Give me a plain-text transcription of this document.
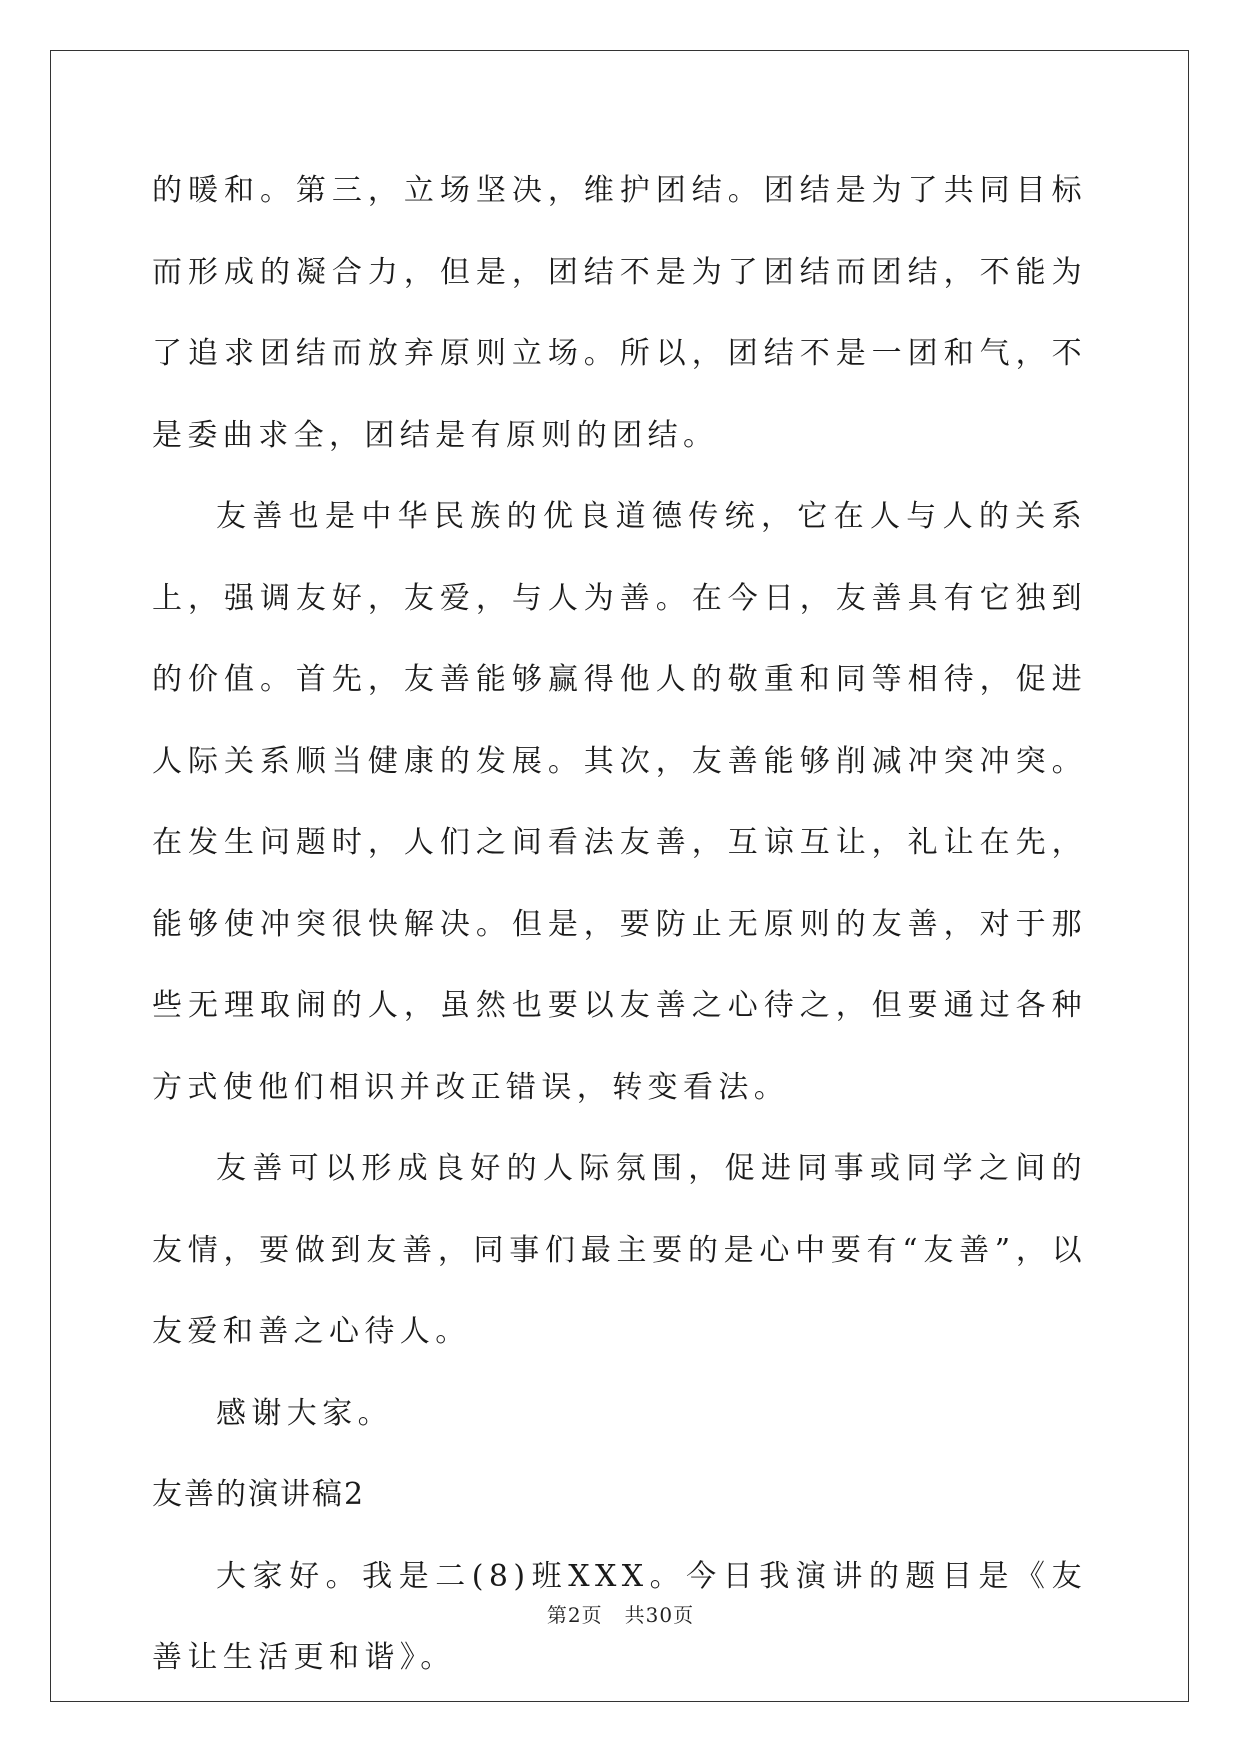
的暖和。第三，立场坚决，维护团结。团结是为了共同目标而形成的凝合力，但是，团结不是为了团结而团结，不能为了追求团结而放弃原则立场。所以，团结不是一团和气，不是委曲求全，团结是有原则的团结。

友善也是中华民族的优良道德传统，它在人与人的关系上，强调友好，友爱，与人为善。在今日，友善具有它独到的价值。首先，友善能够赢得他人的敬重和同等相待，促进人际关系顺当健康的发展。其次，友善能够削减冲突冲突。在发生问题时，人们之间看法友善，互谅互让，礼让在先，能够使冲突很快解决。但是，要防止无原则的友善，对于那些无理取闹的人，虽然也要以友善之心待之，但要通过各种方式使他们相识并改正错误，转变看法。

友善可以形成良好的人际氛围，促进同事或同学之间的友情，要做到友善，同事们最主要的是心中要有“友善”，以友爱和善之心待人。

感谢大家。

友善的演讲稿2

大家好。我是二(8)班XXX。今日我演讲的题目是《友善让生活更和谐》。

第2页 共30页
